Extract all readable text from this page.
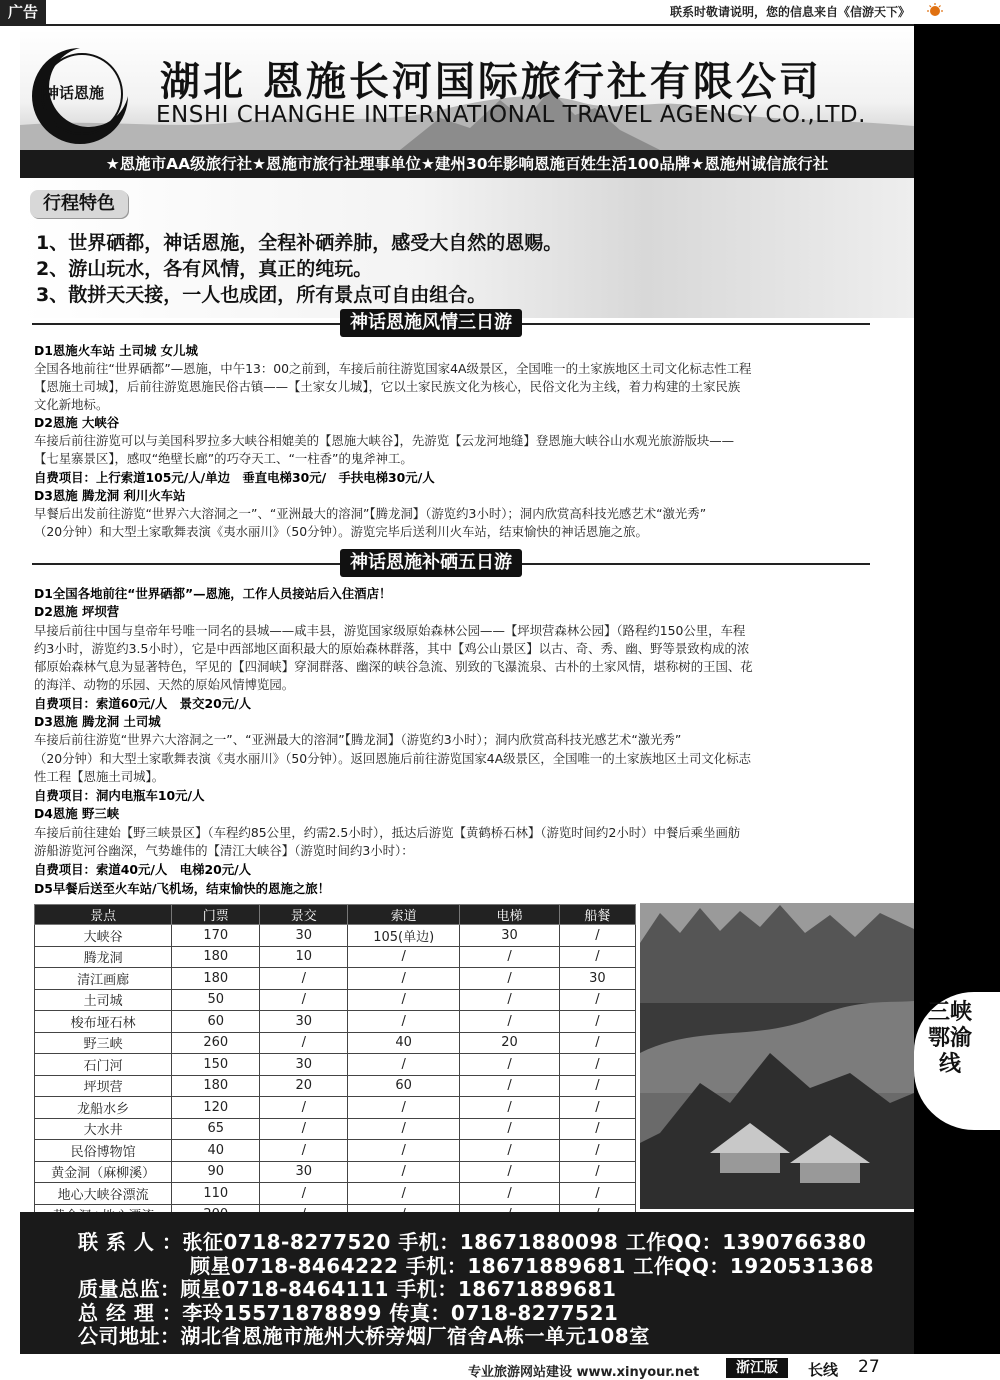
广告	联系时敬请说明，您的信息来自《信游天下》
三峡鄂渝线
神话恩施	湖北 恩施长河国际旅行社有限公司
ENSHI CHANGHE INTERNATIONAL TRAVEL AGENCY CO.,LTD.
★恩施市AA级旅行社★恩施市旅行社理事单位★建州30年影响恩施百姓生活100品牌★恩施州诚信旅行社
行程特色
1、世界硒都，神话恩施，全程补硒养肺，感受大自然的恩赐。
2、游山玩水，各有风情，真正的纯玩。
3、散拼天天接，一人也成团，所有景点可自由组合。
神话恩施风情三日游
D1恩施火车站 土司城 女儿城
全国各地前往“世界硒都”—恩施，中午13：00之前到，车接后前往游览国家4A级景区，全国唯一的土家族地区土司文化标志性工程
【恩施土司城】，后前往游览恩施民俗古镇——【土家女儿城】，它以土家民族文化为核心，民俗文化为主线，着力构建的土家民族
文化新地标。
D2恩施 大峡谷
车接后前往游览可以与美国科罗拉多大峡谷相媲美的【恩施大峡谷】，先游览【云龙河地缝】登恩施大峡谷山水观光旅游版块——
【七星寨景区】，感叹“绝壁长廊”的巧夺天工、“一柱香”的鬼斧神工。
自费项目：上行索道105元/人/单边　垂直电梯30元/　手扶电梯30元/人
D3恩施 腾龙洞 利川火车站
早餐后出发前往游览“世界六大溶洞之一”、“亚洲最大的溶洞”【腾龙洞】（游览约3小时）；洞内欣赏高科技光感艺术“激光秀”
（20分钟）和大型土家歌舞表演《夷水丽川》（50分钟）。游览完毕后送利川火车站，结束愉快的神话恩施之旅。
神话恩施补硒五日游
D1全国各地前往“世界硒都”—恩施，工作人员接站后入住酒店！
D2恩施 坪坝营
早接后前往中国与皇帝年号唯一同名的县城——咸丰县，游览国家级原始森林公园——【坪坝营森林公园】（路程约150公里，车程
约3小时，游览约3.5小时），它是中西部地区面积最大的原始森林群落，其中【鸡公山景区】以古、奇、秀、幽、野等景致构成的浓
郁原始森林气息为显著特色，罕见的【四洞峡】穿洞群落、幽深的峡谷急流、别致的飞瀑流泉、古朴的土家风情，堪称树的王国、花
的海洋、动物的乐园、天然的原始风情博览园。
自费项目：索道60元/人　景交20元/人
D3恩施 腾龙洞 土司城
车接后前往游览“世界六大溶洞之一”、“亚洲最大的溶洞”【腾龙洞】（游览约3小时）；洞内欣赏高科技光感艺术“激光秀”
（20分钟）和大型土家歌舞表演《夷水丽川》（50分钟）。返回恩施后前往游览国家4A级景区，全国唯一的土家族地区土司文化标志
性工程【恩施土司城】。
自费项目：洞内电瓶车10元/人
D4恩施 野三峡
车接后前往建始【野三峡景区】（车程约85公里，约需2.5小时），抵达后游览【黄鹤桥石林】（游览时间约2小时）中餐后乘坐画舫
游船游览河谷幽深，气势雄伟的【清江大峡谷】（游览时间约3小时）：
自费项目：索道40元/人　电梯20元/人
D5早餐后送至火车站/飞机场，结束愉快的恩施之旅！
景点	门票	景交	索道	电梯	船餐
大峡谷	170	30	105(单边)	30	/
腾龙洞	180	10	/	/	/
清江画廊	180	/	/	/	30
土司城	50	/	/	/	/
梭布垭石林	60	30	/	/	/
野三峡	260	/	40	20	/
石门河	150	30	/	/	/
坪坝营	180	20	60	/	/
龙船水乡	120	/	/	/	/
大水井	65	/	/	/	/
民俗博物馆	40	/	/	/	/
黄金洞（麻柳溪）	90	30	/	/	/
地心大峡谷漂流	110	/	/	/	/

联 系 人 ：张征0718-8277520 手机：18671880098 工作QQ：1390766380
顾星0718-8464222 手机：18671889681 工作QQ：1920531368
质量总监：顾星0718-8464111 手机：18671889681
总 经 理 ：李玲15571878899 传真：0718-8277521
公司地址：湖北省恩施市施州大桥旁烟厂宿舍A栋一单元108室
专业旅游网站建设 www.xinyour.net	浙江版	长线 27
